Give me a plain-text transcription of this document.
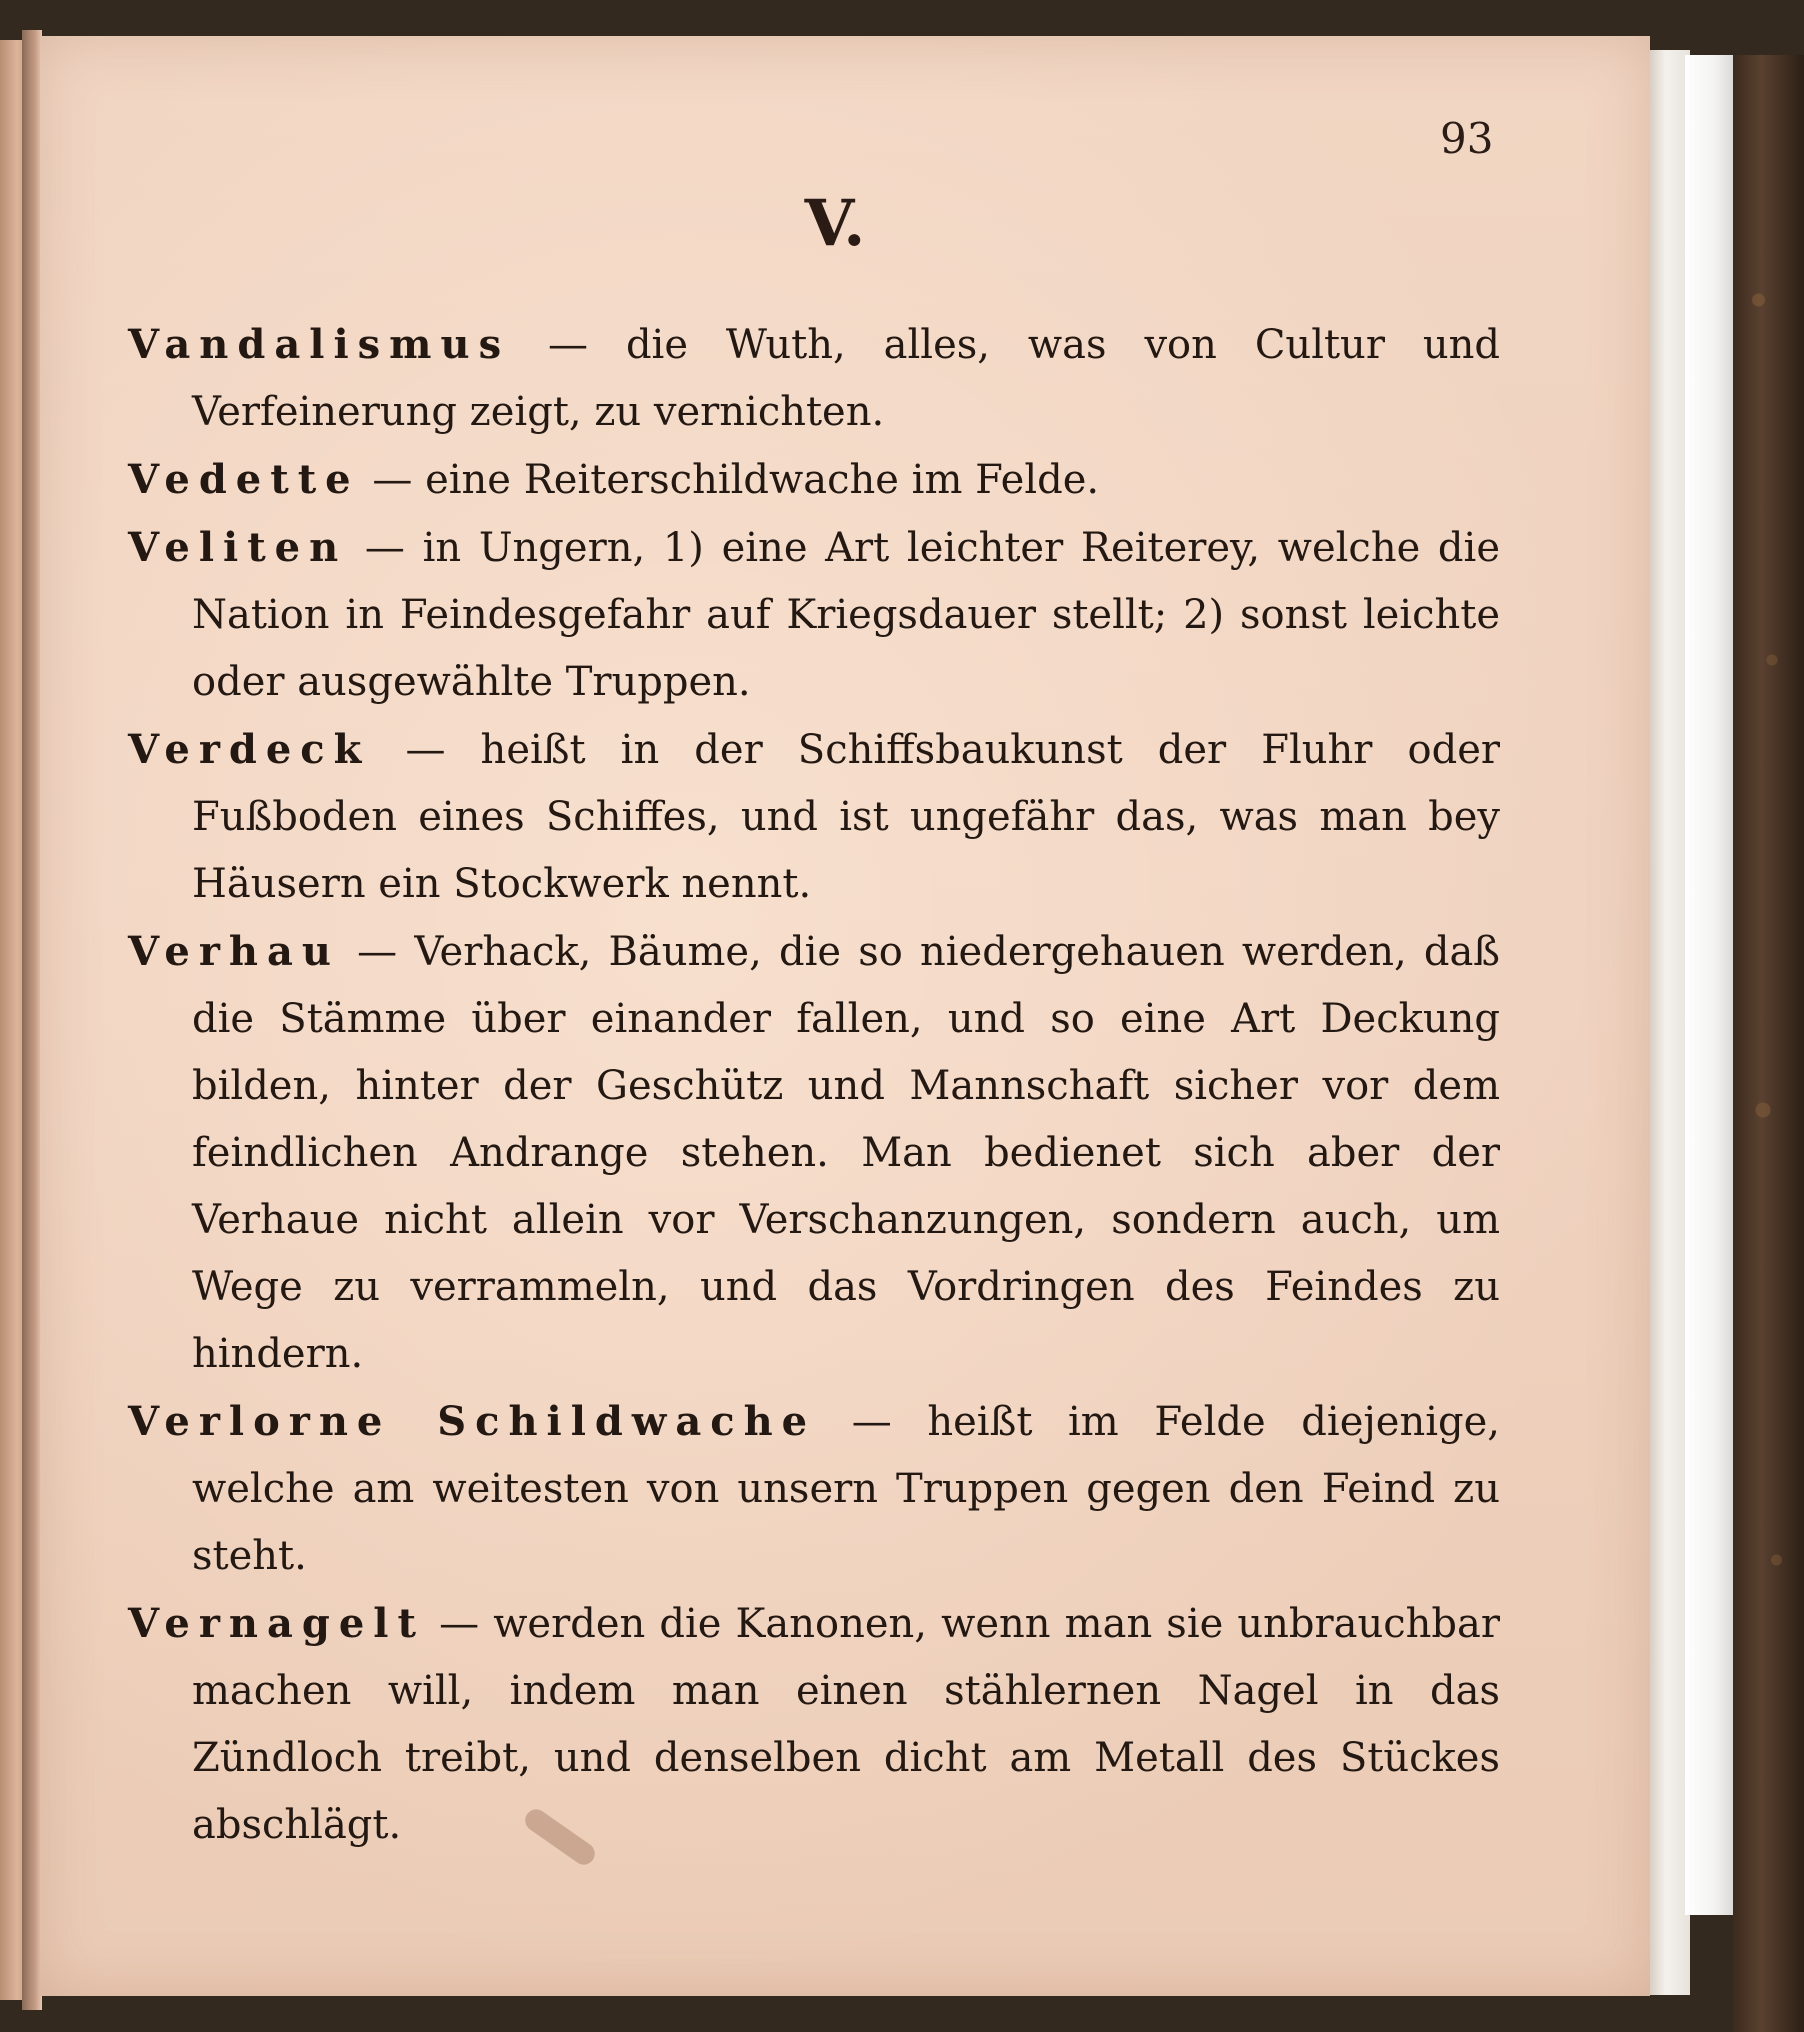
93
V.

Vandalismus — die Wuth, alles, was von Cultur und Verfeinerung zeigt, zu vernichten.

Vedette — eine Reiterschildwache im Felde.

Veliten — in Ungern, 1) eine Art leichter Reiterey, welche die Nation in Feindesgefahr auf Kriegsdauer stellt; 2) sonst leichte oder ausgewählte Truppen.

Verdeck — heißt in der Schiffsbaukunst der Fluhr oder Fußboden eines Schiffes, und ist ungefähr das, was man bey Häusern ein Stockwerk nennt.

Verhau — Verhack, Bäume, die so niedergehauen werden, daß die Stämme über einander fallen, und so eine Art Deckung bilden, hinter der Geschütz und Mannschaft sicher vor dem feindlichen Andrange stehen. Man bedienet sich aber der Verhaue nicht allein vor Verschanzungen, sondern auch, um Wege zu verrammeln, und das Vordringen des Feindes zu hindern.

Verlorne Schildwache — heißt im Felde diejenige, welche am weitesten von unsern Truppen gegen den Feind zu steht.

Vernagelt — werden die Kanonen, wenn man sie unbrauchbar machen will, indem man einen stählernen Nagel in das Zündloch treibt, und denselben dicht am Metall des Stückes abschlägt.
